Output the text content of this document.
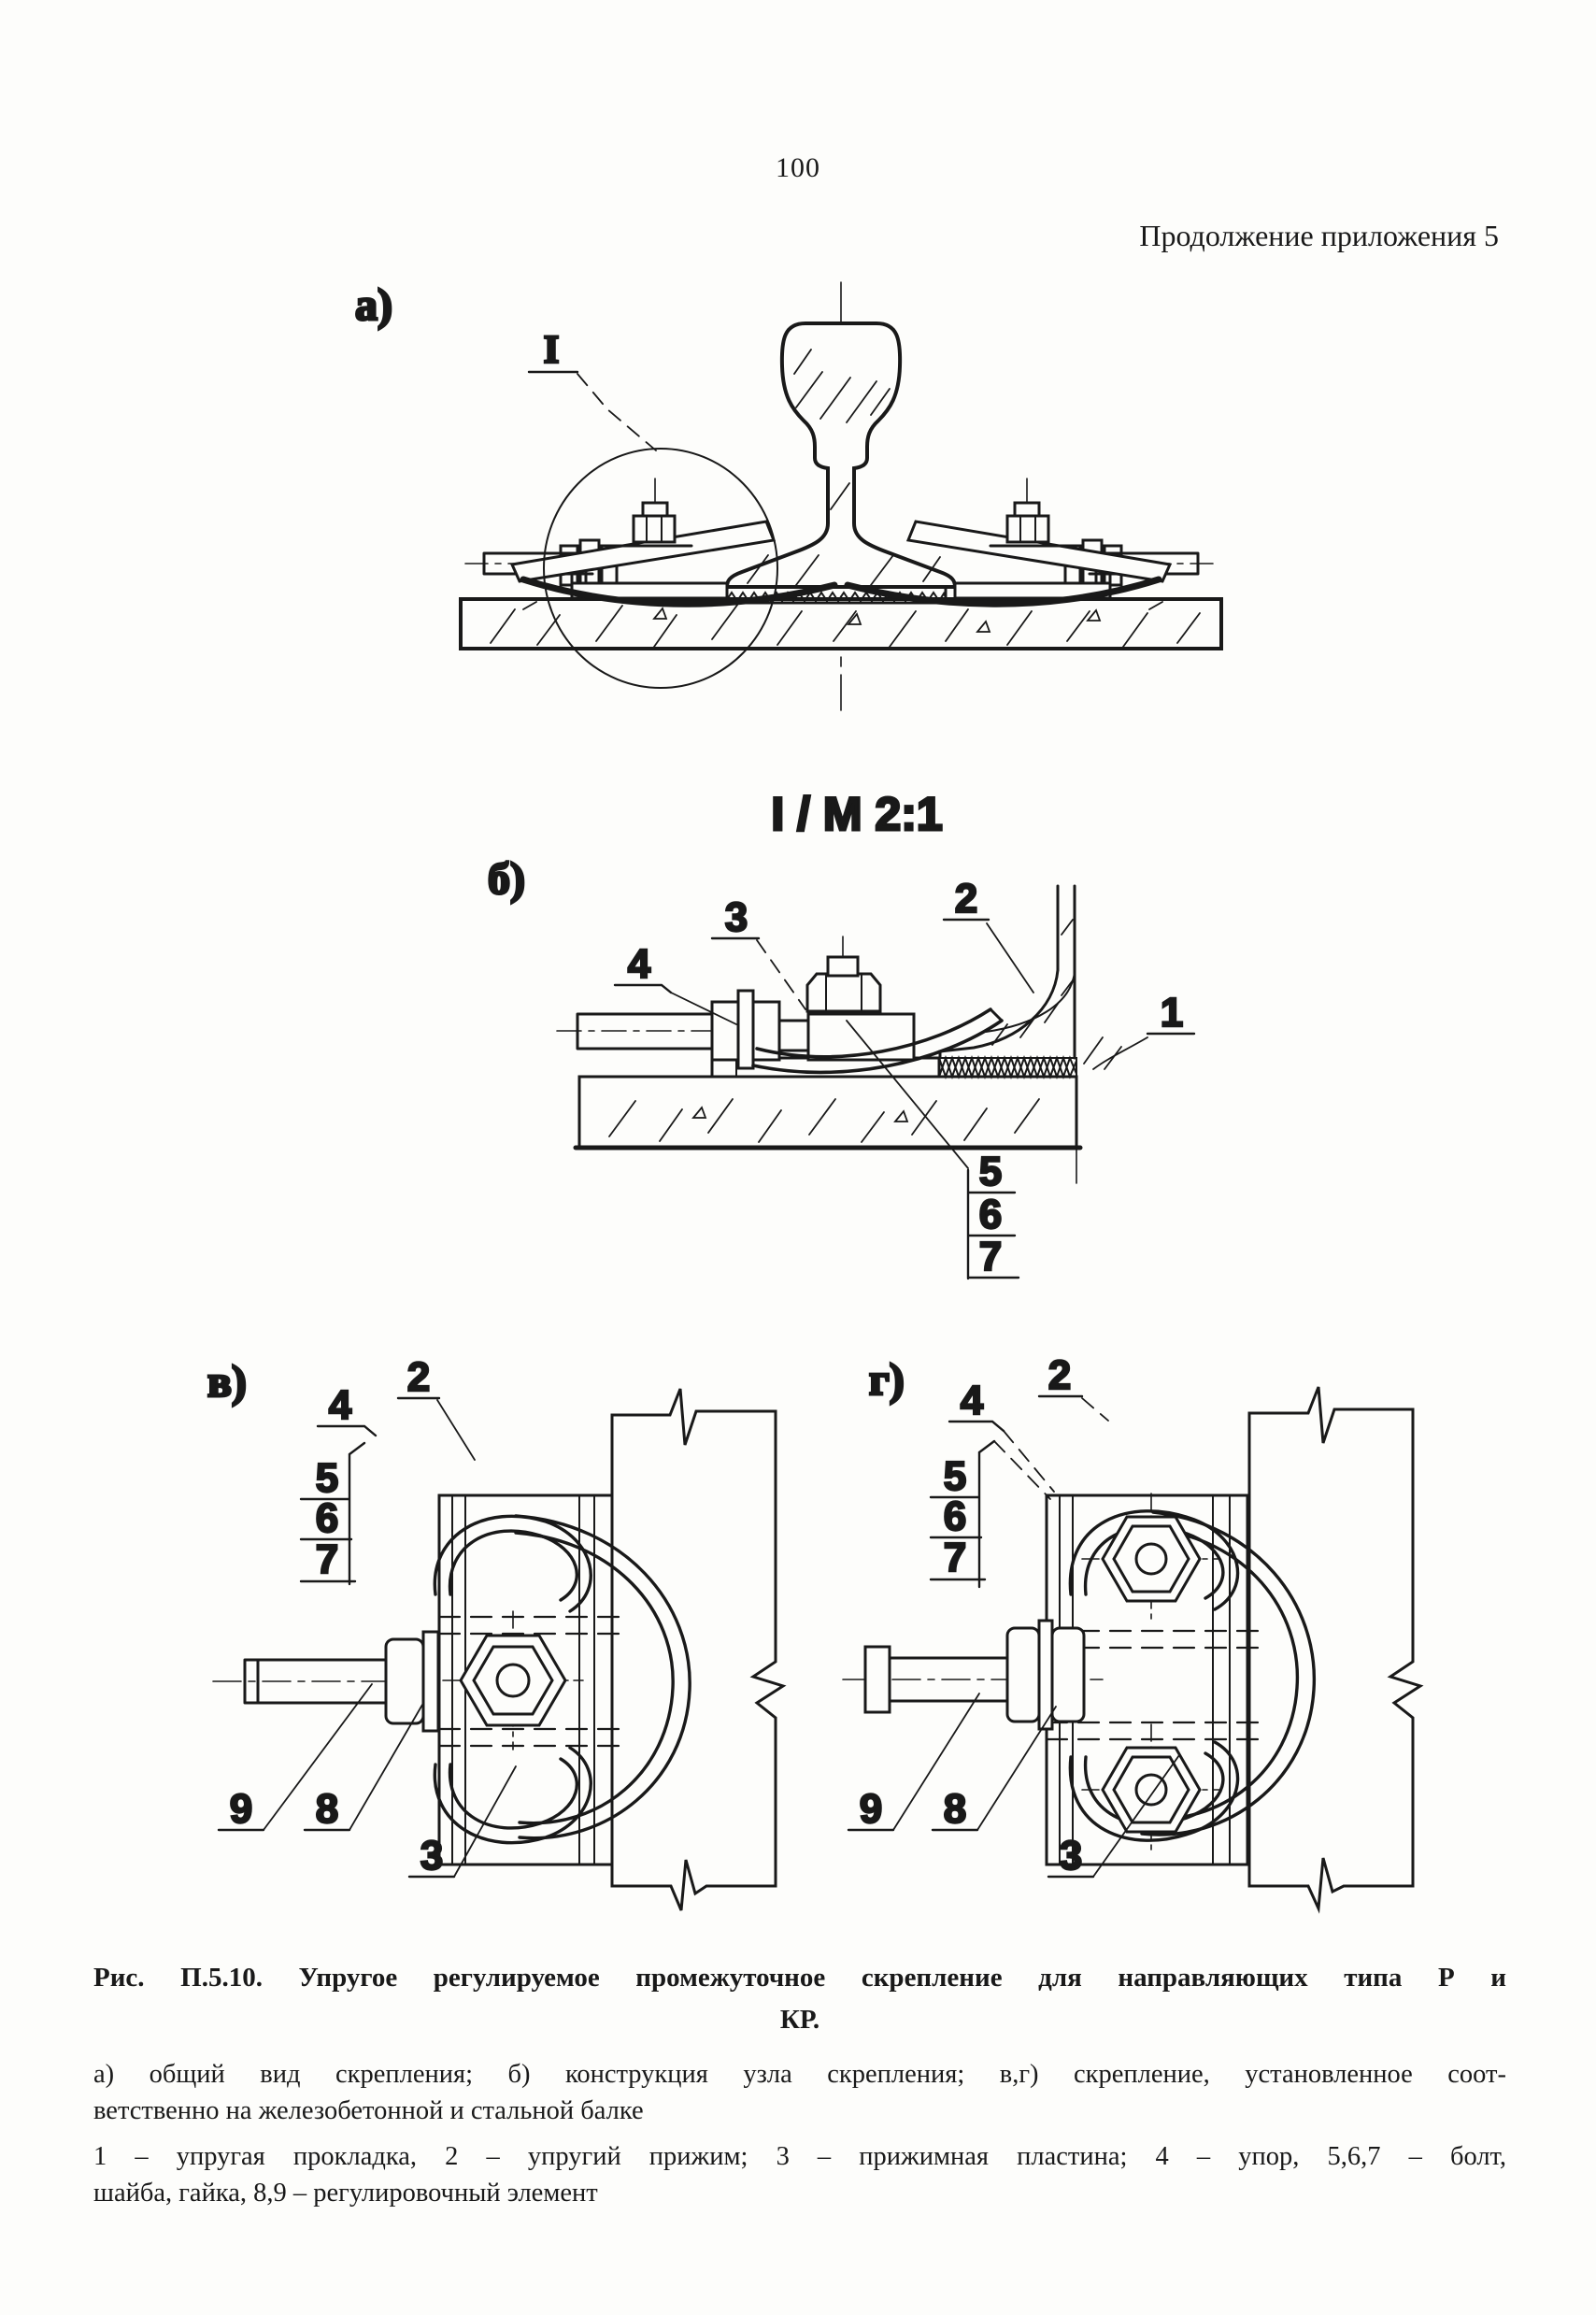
100
Продолжение приложения 5
а)
I
I / М 2:1
б)
3	2
4
1
5
6
7
в) 4
2
5
6
7
9 8
3
г)	2
4
5
6
7
9 8
3
Рис. П.5.10. Упругое регулируемое промежуточное скрепление для направляющих типа Р и
КР.
а) общий вид скрепления; б) конструкция узла скрепления; в,г) скрепление, установленное соот-
ветственно на железобетонной и стальной балке
1 – упругая прокладка, 2 – упругий прижим; 3 – прижимная пластина; 4 – упор, 5,6,7 – болт,
шайба, гайка, 8,9 – регулировочный элемент
